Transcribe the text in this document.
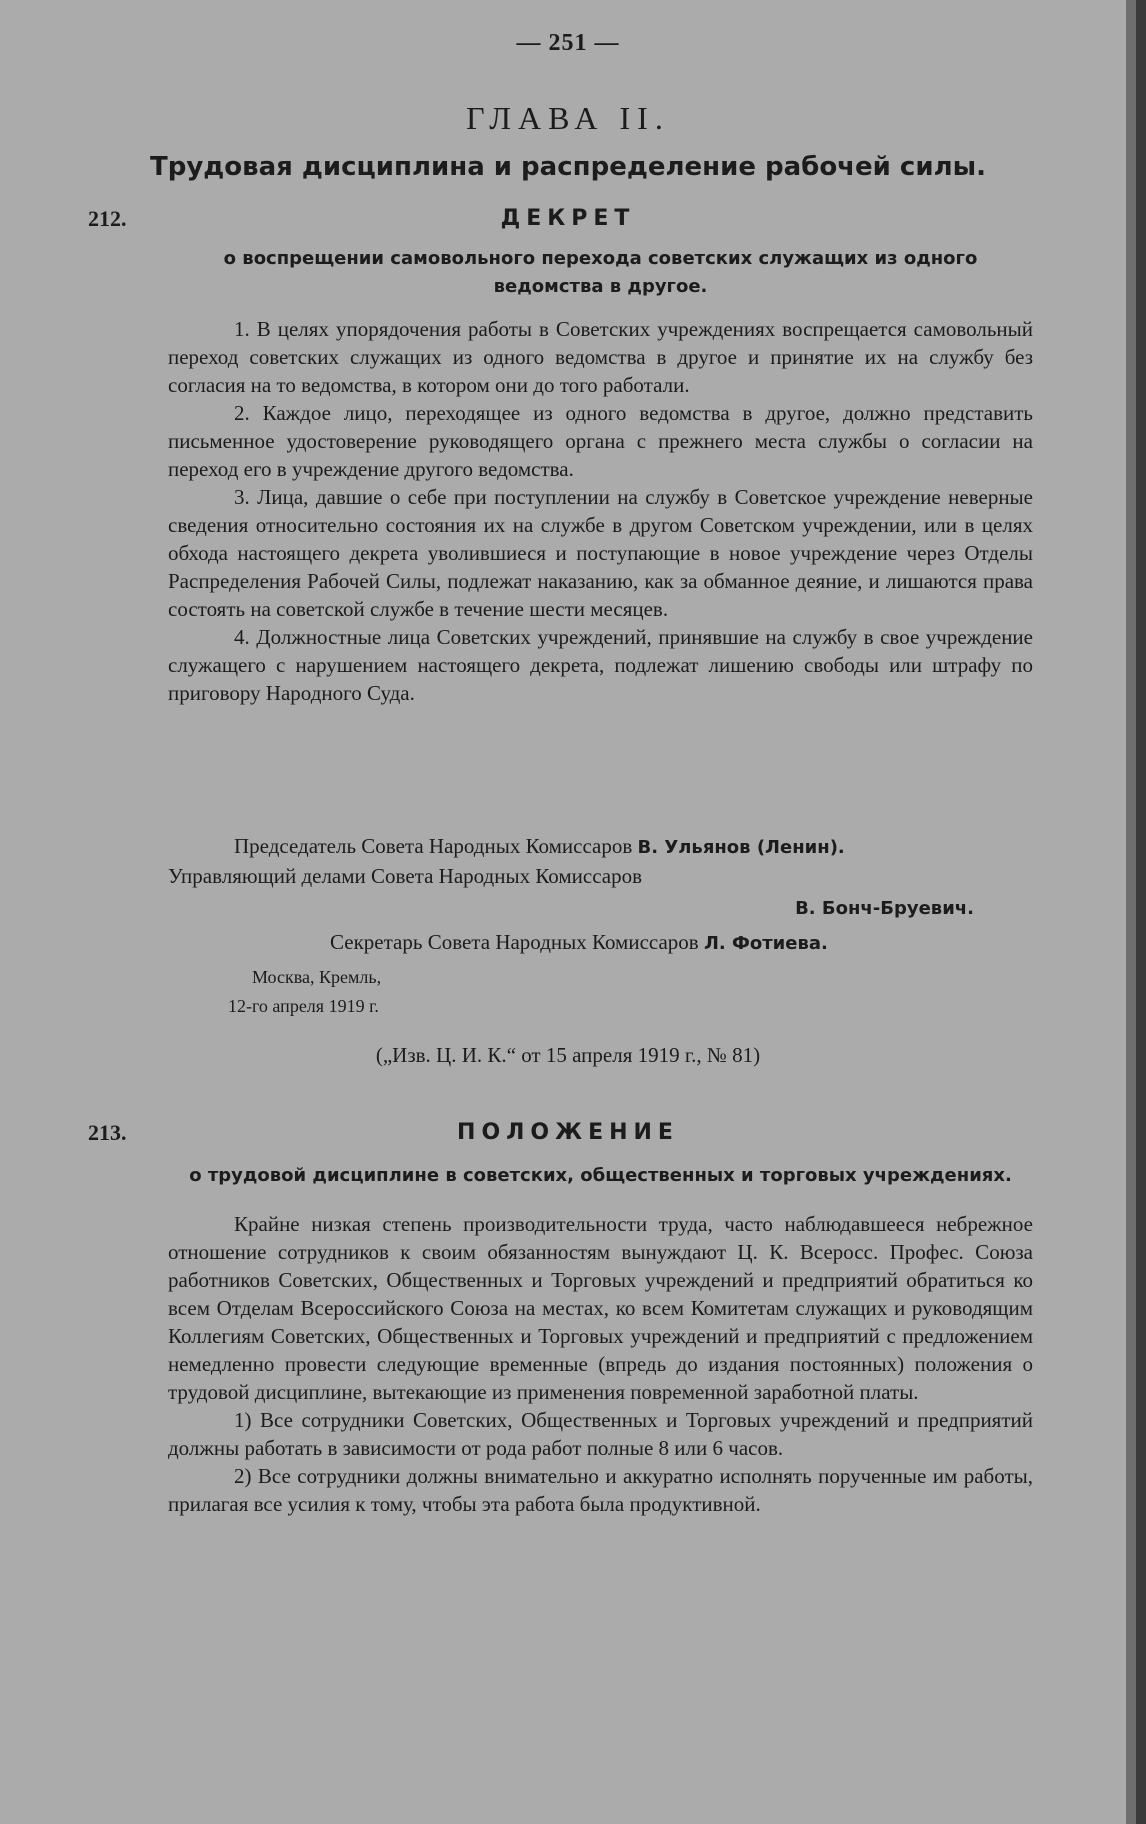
— 251 —
ГЛАВА II.
Трудовая дисциплина и распределение рабочей силы.
212.	ДЕКРЕТ
о воспрещении самовольного перехода советских служащих из одного ведомства в другое.

1. В целях упорядочения работы в Советских учреждениях воспрещается самовольный переход советских служащих из одного ведомства в другое и принятие их на службу без согласия на то ведомства, в котором они до того работали.

2. Каждое лицо, переходящее из одного ведомства в другое, должно представить письменное удостоверение руководящего органа с прежнего места службы о согласии на переход его в учреждение другого ведомства.

3. Лица, давшие о себе при поступлении на службу в Советское учреждение неверные сведения относительно состояния их на службе в другом Советском учреждении, или в целях обхода настоящего декрета уволившиеся и поступающие в новое учреждение через Отделы Распределения Рабочей Силы, подлежат наказанию, как за обманное деяние, и лишаются права состоять на советской службе в течение шести месяцев.

4. Должностные лица Советских учреждений, принявшие на службу в свое учреждение служащего с нарушением настоящего декрета, подлежат лишению свободы или штрафу по приговору Народного Суда.

Председатель Совета Народных Комиссаров В. Ульянов (Ленин).
Управляющий делами Совета Народных Комиссаров
В. Бонч-Бруевич.
Секретарь Совета Народных Комиссаров Л. Фотиева.
Москва, Кремль,
12-го апреля 1919 г.
(„Изв. Ц. И. К.“ от 15 апреля 1919 г., № 81)
213.	ПОЛОЖЕНИЕ
о трудовой дисциплине в советских, общественных и торговых учреждениях.

Крайне низкая степень производительности труда, часто наблюдавшееся небрежное отношение сотрудников к своим обязанностям вынуждают Ц. К. Всеросс. Профес. Союза работников Советских, Общественных и Торговых учреждений и предприятий обратиться ко всем Отделам Всероссийского Союза на местах, ко всем Комитетам служащих и руководящим Коллегиям Советских, Общественных и Торговых учреждений и предприятий с предложением немедленно провести следующие временные (впредь до издания постоянных) положения о трудовой дисциплине, вытекающие из применения повременной заработной платы.

1) Все сотрудники Советских, Общественных и Торговых учреждений и предприятий должны работать в зависимости от рода работ полные 8 или 6 часов.

2) Все сотрудники должны внимательно и аккуратно исполнять порученные им работы, прилагая все усилия к тому, чтобы эта работа была продуктивной.
